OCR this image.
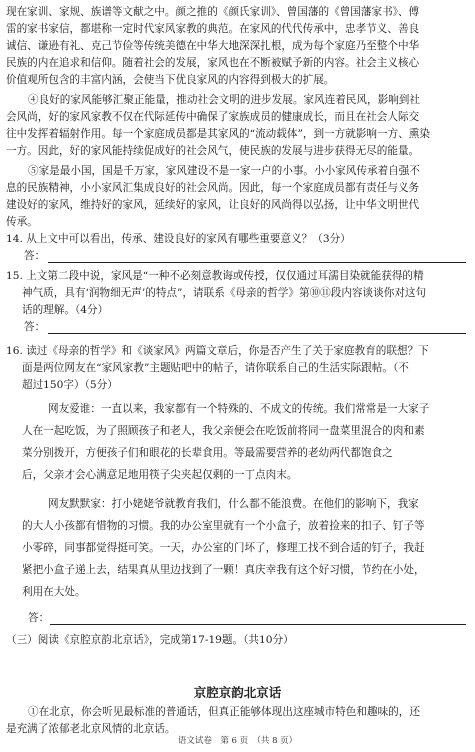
现在家训、家规、族谱等文献之中。颜之推的《颜氏家训》、曾国藩的《曾国藩家书》、傅
雷的家书家信，都堪称一定时代家风家教的典范。在家风的代代传承中，忠孝节义、善良
诚信、谦逊有礼、克己节俭等传统美德在中华大地深深扎根，成为每个家庭乃至整个中华
民族的内在追求和信仰。随着社会的发展，家风也在不断被赋予新的内容。社会主义核心
价值观所包含的丰富内涵，会使当下优良家风的内容得到极大的扩展。
④良好的家风能够汇聚正能量，推动社会文明的进步发展。家风连着民风，影响到社
会风尚，好的家风家教不仅在代际延传中确保了家族成员的健康成长，而且在社会人际交
往中发挥着辐射作用。每一个家庭成员都是其家风的“流动载体”，到一方就影响一方、熏染
一方。因此，好的家风能持续促成好的社会风气，使民族的发展与进步获得无尽的能量。
⑤家是最小国，国是千万家，家风建设不是一家一户的小事。小小家风传承着自强不
息的民族精神，小小家风汇集成良好的社会风尚。因此，每一个家庭成员都有责任与义务
建设好的家风，维持好的家风，延续好的家风，让良好的风尚得以弘扬，让中华文明世代
传承。
14. 从上文中可以看出，传承、建设良好的家风有哪些重要意义？（3分）
答：
15. 上文第二段中说，家风是“一种不必刻意教诲或传授，仅仅通过耳濡目染就能获得的精
神气质，具有‘润物细无声’的特点”，请联系《母亲的哲学》第⑩⑪段内容谈谈你对这句
话的理解。（4分）
答：
16. 读过《母亲的哲学》和《谈家风》两篇文章后，你是否产生了关于家庭教育的联想？下
面是两位网友在“家风家教”主题贴吧中的帖子，请你联系自己的生活实际跟帖。（不
超过150字）（5分）
网友爱谁：一直以来，我家都有一个特殊的、不成文的传统。我们常常是一大家子
人在一起吃饭，为了照顾孩子和老人，我父亲便会在吃饭前将同一盘菜里混合的肉和素
菜分别拨开，方便孩子们和眼花的长辈食用。等最需要营养的老幼两代都饱食之
后，父亲才会心满意足地用筷子尖夹起仅剩的一丁点肉末。
网友默默家：打小姥姥爷就教育我们，什么都不能浪费。在他们的影响下，我家
的大人小孩都有惜物的习惯。我的办公室里就有一个小盒子，放着捡来的扣子、钉子等
小零碎，同事都觉得挺可笑。一天，办公室的门坏了，修理工找不到合适的钉子，我赶
紧把小盒子递上去，结果真从里边找到了一颗！真庆幸我有这个好习惯，节约在小处，
利用在大处。
答：
（三）阅读《京腔京韵北京话》，完成第17-19题。（共10分）
京腔京韵北京话
①在北京，你会听见最标准的普通话，但真正能够体现出这座城市特色和趣味的，还
是充满了浓郁老北京风情的北京话。
语文试卷　第 6 页　（共 8 页）
